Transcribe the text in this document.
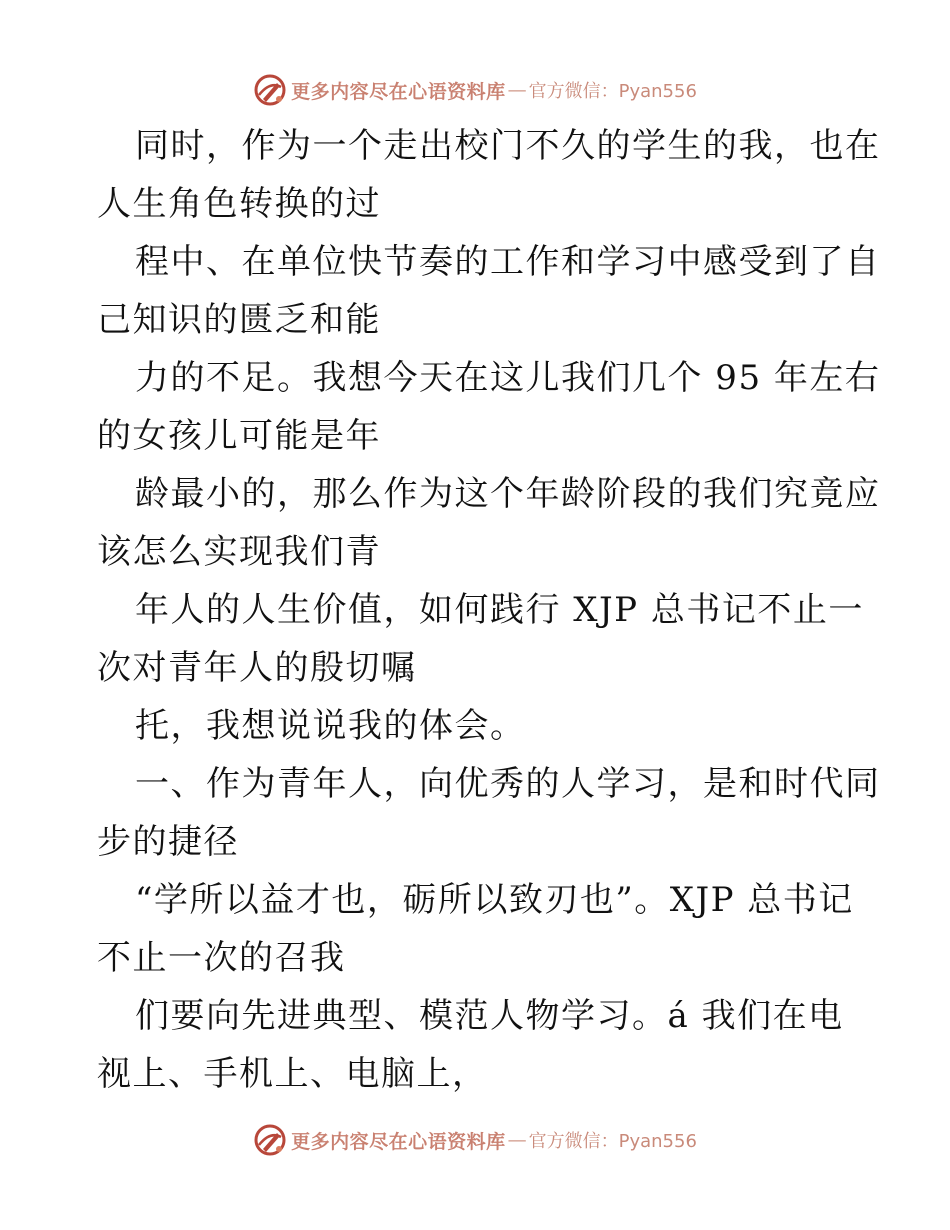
更多内容尽在心语资料库 — 官方微信：Pyan556
同时，作为一个走出校门不久的学生的我，也在
人生角色转换的过
程中、在单位快节奏的工作和学习中感受到了自
己知识的匮乏和能
力的不足。我想今天在这儿我们几个 95 年左右
的女孩儿可能是年
龄最小的，那么作为这个年龄阶段的我们究竟应
该怎么实现我们青
年人的人生价值，如何践行 XJP 总书记不止一
次对青年人的殷切嘱
托，我想说说我的体会。
一、作为青年人，向优秀的人学习，是和时代同
步的捷径
“学所以益才也，砺所以致刃也”。XJP 总书记
不止一次的召我
们要向先进典型、模范人物学习。á 我们在电
视上、手机上、电脑上，
更多内容尽在心语资料库 — 官方微信：Pyan556
